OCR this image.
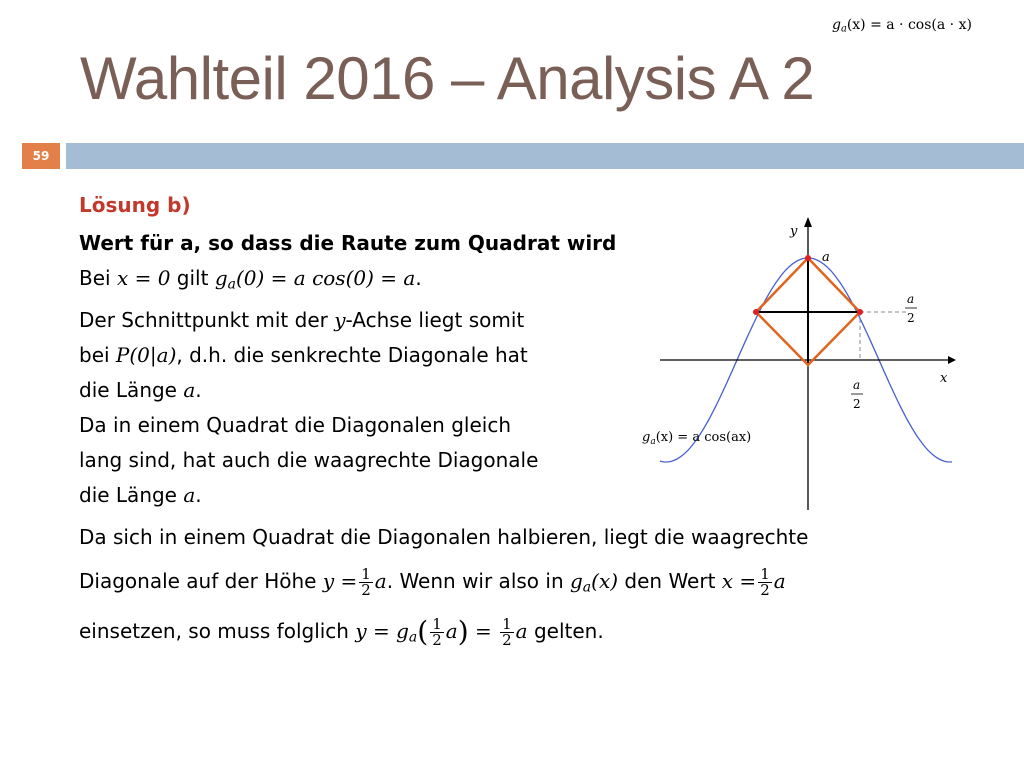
$g_a(x) = a \cdot \cos(a \cdot x)$
Wahlteil 2016 – Analysis A 2
59

Lösung b)

Wert für a, so dass die Raute zum Quadrat wird

Bei x = 0 gilt $g_a(0) = a$ cos(0) = a.
Der Schnittpunkt mit der y-Achse liegt somit
bei P(0|a), d.h. die senkrechte Diagonale hat
die Länge a.
Da in einem Quadrat die Diagonalen gleich
lang sind, hat auch die waagrechte Diagonale
die Länge a.

Da sich in einem Quadrat die Diagonalen halbieren, liegt die waagrechte
Diagonale auf der Höhe $y = \frac{1}{2} a$. Wenn wir also in $g_a(x)$ den Wert $x = \frac{1}{2}$ a
einsetzen, so muss folglich $y = g_a( \frac{1}{2} a) = \frac{1}{2}$ a gelten.

y
x
a
a
2
a
2
$g_a(x) = a$ cos(ax)
